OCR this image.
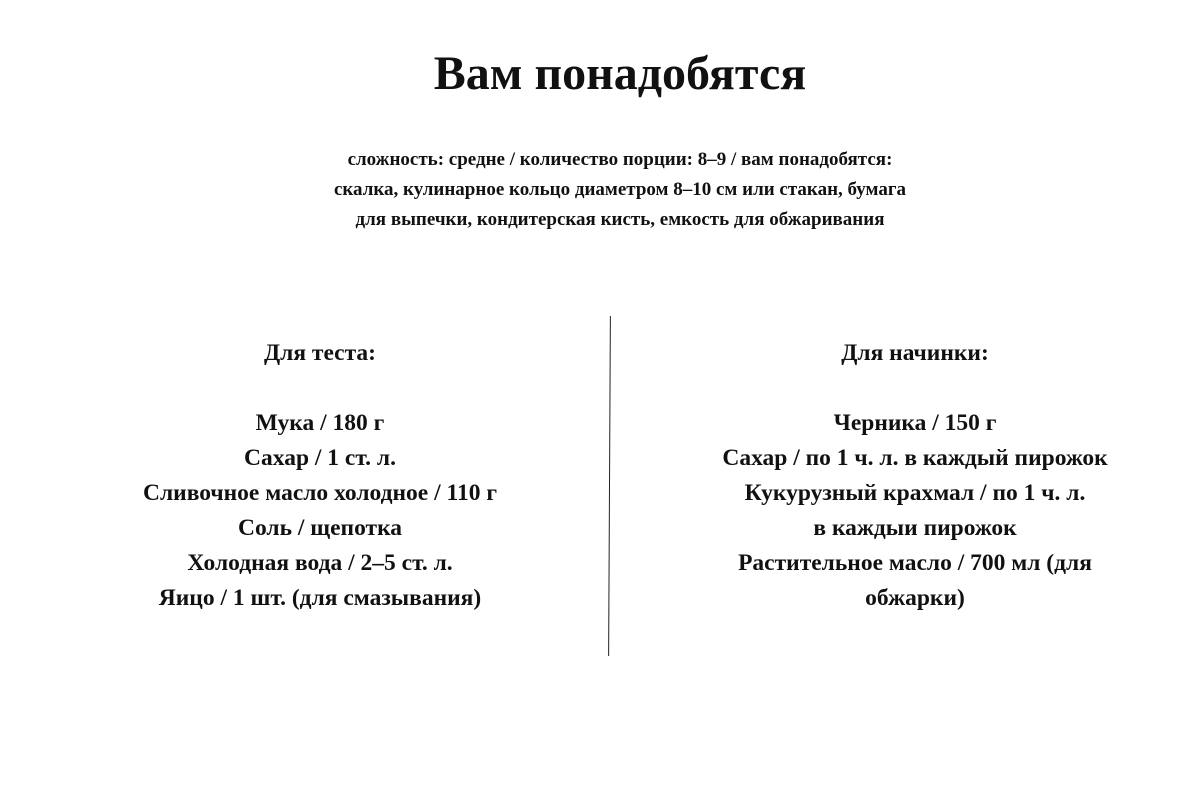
Вам понадобятся
сложность: средне / количество порции: 8–9 / вам понадобятся:
скалка, кулинарное кольцо диаметром 8–10 см или стакан, бумага
для выпечки, кондитерская кисть, емкость для обжаривания
Для теста:
Мука / 180 г
Сахар / 1 ст. л.
Сливочное масло холодное / 110 г
Соль / щепотка
Холодная вода / 2–5 ст. л.
Яицо / 1 шт. (для смазывания)
Для начинки:
Черника / 150 г
Сахар / по 1 ч. л. в каждый пирожок
Кукурузный крахмал / по 1 ч. л.
в каждыи пирожок
Растительное масло / 700 мл (для
обжарки)
